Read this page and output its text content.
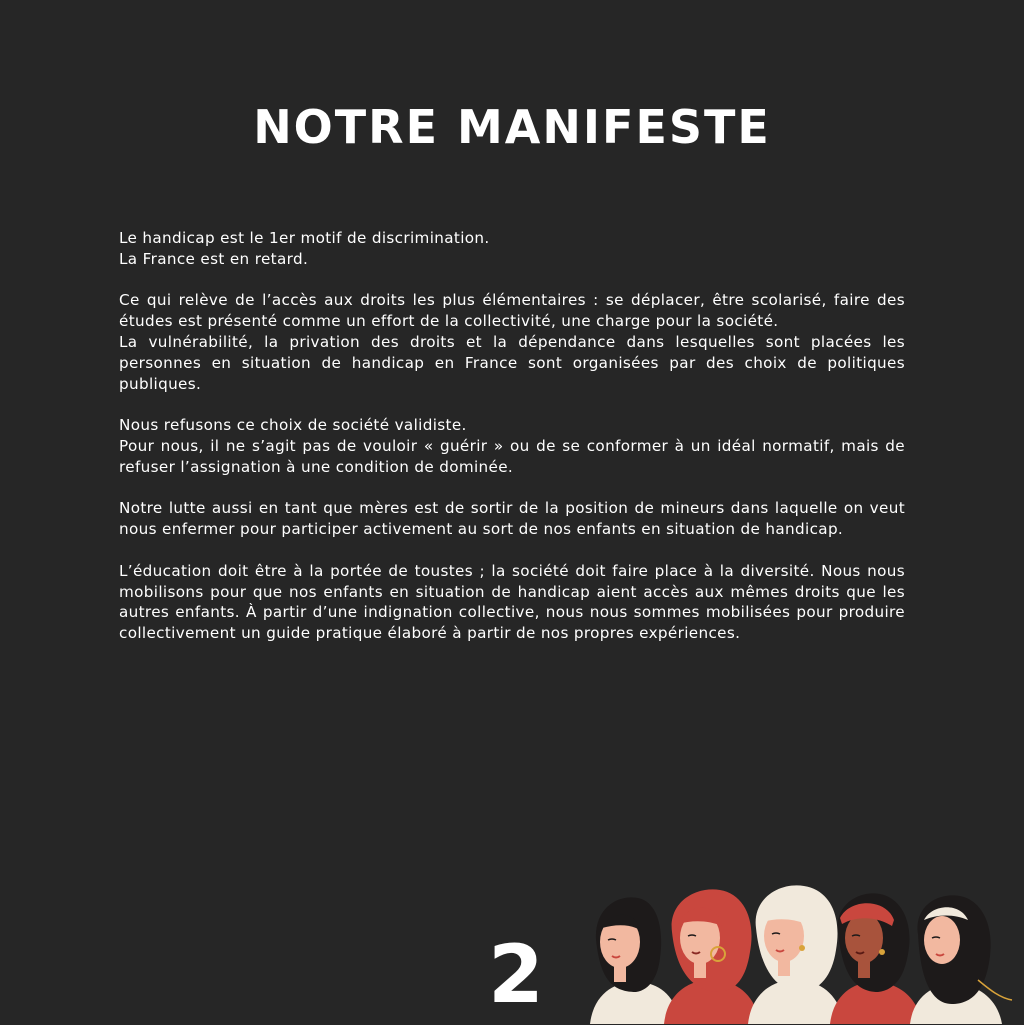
NOTRE MANIFESTE

Le handicap est le 1er motif de discrimination.
La France est en retard.

Ce qui relève de l’accès aux droits les plus élémentaires : se déplacer, être scolarisé, faire des études est présenté comme un effort de la collectivité, une charge pour la société.
La vulnérabilité, la privation des droits et la dépendance dans lesquelles sont placées les personnes en situation de handicap en France sont organisées par des choix de politiques publiques.

Nous refusons ce choix de société validiste.
Pour nous, il ne s’agit pas de vouloir « guérir » ou de se conformer à un idéal normatif, mais de refuser l’assignation à une condition de dominée.

Notre lutte aussi en tant que mères est de sortir de la position de mineurs dans laquelle on veut nous enfermer pour participer activement au sort de nos enfants en situation de handicap.

L’éducation doit être à la portée de toustes ; la société doit faire place à la diversité. Nous nous mobilisons pour que nos enfants en situation de handicap aient accès aux mêmes droits que les autres enfants. À partir d’une indignation collective, nous nous sommes mobilisées pour produire collectivement un guide pratique élaboré à partir de nos propres expériences.

2
